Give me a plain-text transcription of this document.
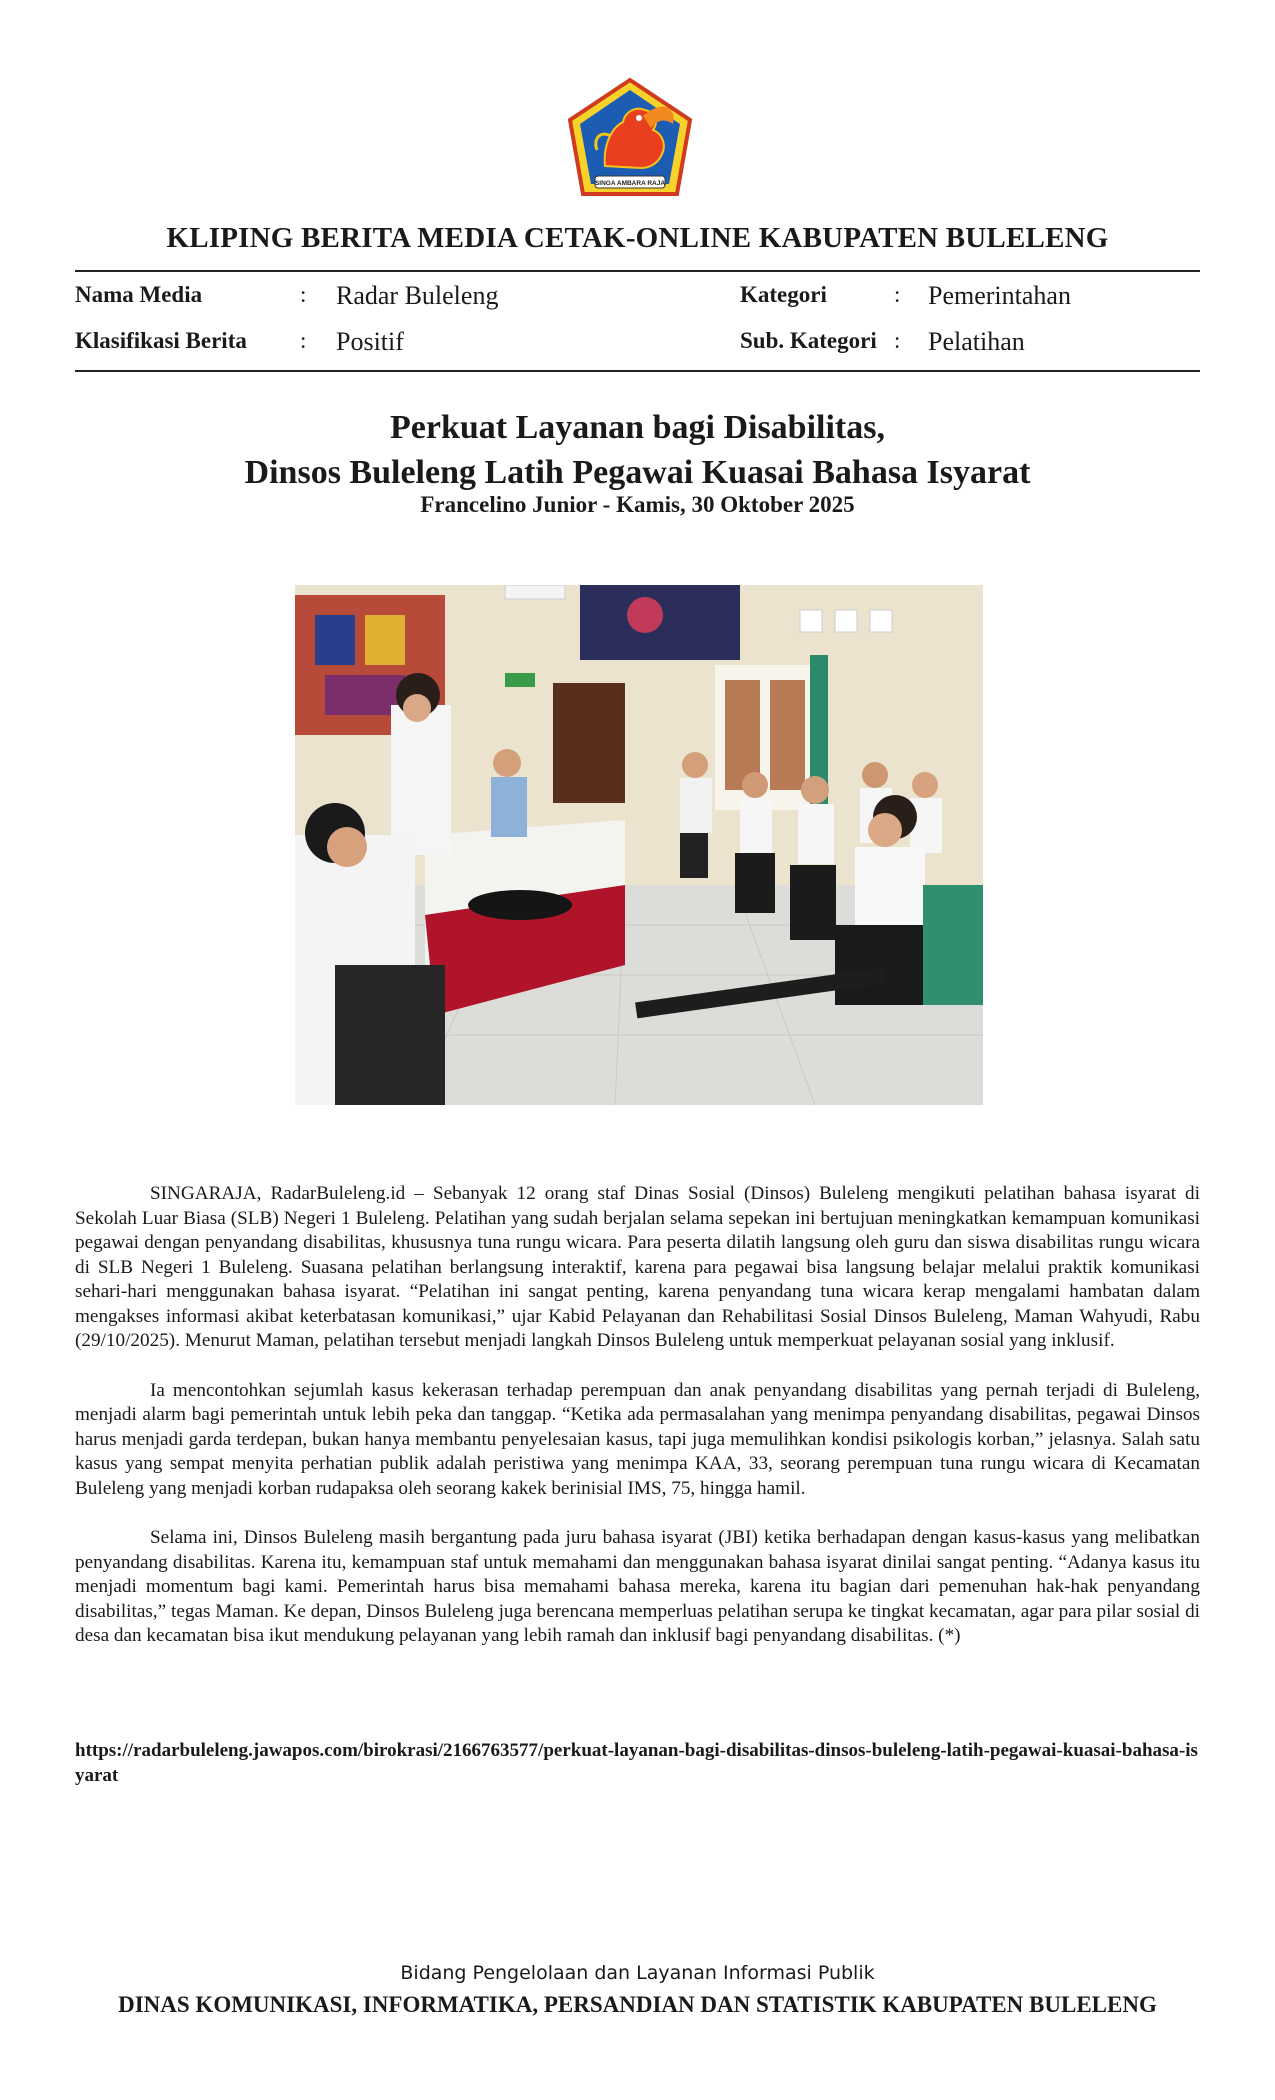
SINGA AMBARA RAJA
KLIPING BERITA MEDIA CETAK-ONLINE KABUPATEN BULELENG
Nama Media	: Radar Buleleng	Kategori	: Pemerintahan
Klasifikasi Berita : Positif	Sub. Kategori : Pelatihan
Perkuat Layanan bagi Disabilitas,
Dinsos Buleleng Latih Pegawai Kuasai Bahasa Isyarat
Francelino Junior - Kamis, 30 Oktober 2025

SINGARAJA, RadarBuleleng.id – Sebanyak 12 orang staf Dinas Sosial (Dinsos) Buleleng mengikuti pelatihan bahasa isyarat di Sekolah Luar Biasa (SLB) Negeri 1 Buleleng. Pelatihan yang sudah berjalan selama sepekan ini bertujuan meningkatkan kemampuan komunikasi pegawai dengan penyandang disabilitas, khususnya tuna rungu wicara. Para peserta dilatih langsung oleh guru dan siswa disabilitas rungu wicara di SLB Negeri 1 Buleleng. Suasana pelatihan berlangsung interaktif, karena para pegawai bisa langsung belajar melalui praktik komunikasi sehari-hari menggunakan bahasa isyarat. “Pelatihan ini sangat penting, karena penyandang tuna wicara kerap mengalami hambatan dalam mengakses informasi akibat keterbatasan komunikasi,” ujar Kabid Pelayanan dan Rehabilitasi Sosial Dinsos Buleleng, Maman Wahyudi, Rabu (29/10/2025). Menurut Maman, pelatihan tersebut menjadi langkah Dinsos Buleleng untuk memperkuat pelayanan sosial yang inklusif.

Ia mencontohkan sejumlah kasus kekerasan terhadap perempuan dan anak penyandang disabilitas yang pernah terjadi di Buleleng, menjadi alarm bagi pemerintah untuk lebih peka dan tanggap. “Ketika ada permasalahan yang menimpa penyandang disabilitas, pegawai Dinsos harus menjadi garda terdepan, bukan hanya membantu penyelesaian kasus, tapi juga memulihkan kondisi psikologis korban,” jelasnya. Salah satu kasus yang sempat menyita perhatian publik adalah peristiwa yang menimpa KAA, 33, seorang perempuan tuna rungu wicara di Kecamatan Buleleng yang menjadi korban rudapaksa oleh seorang kakek berinisial IMS, 75, hingga hamil.

Selama ini, Dinsos Buleleng masih bergantung pada juru bahasa isyarat (JBI) ketika berhadapan dengan kasus-kasus yang melibatkan penyandang disabilitas. Karena itu, kemampuan staf untuk memahami dan menggunakan bahasa isyarat dinilai sangat penting. “Adanya kasus itu menjadi momentum bagi kami. Pemerintah harus bisa memahami bahasa mereka, karena itu bagian dari pemenuhan hak-hak penyandang disabilitas,” tegas Maman. Ke depan, Dinsos Buleleng juga berencana memperluas pelatihan serupa ke tingkat kecamatan, agar para pilar sosial di desa dan kecamatan bisa ikut mendukung pelayanan yang lebih ramah dan inklusif bagi penyandang disabilitas. (*)

https://radarbuleleng.jawapos.com/birokrasi/2166763577/perkuat-layanan-bagi-disabilitas-dinsos-buleleng-latih-pegawai-kuasai-bahasa-isyarat
Bidang Pengelolaan dan Layanan Informasi Publik
DINAS KOMUNIKASI, INFORMATIKA, PERSANDIAN DAN STATISTIK KABUPATEN BULELENG
